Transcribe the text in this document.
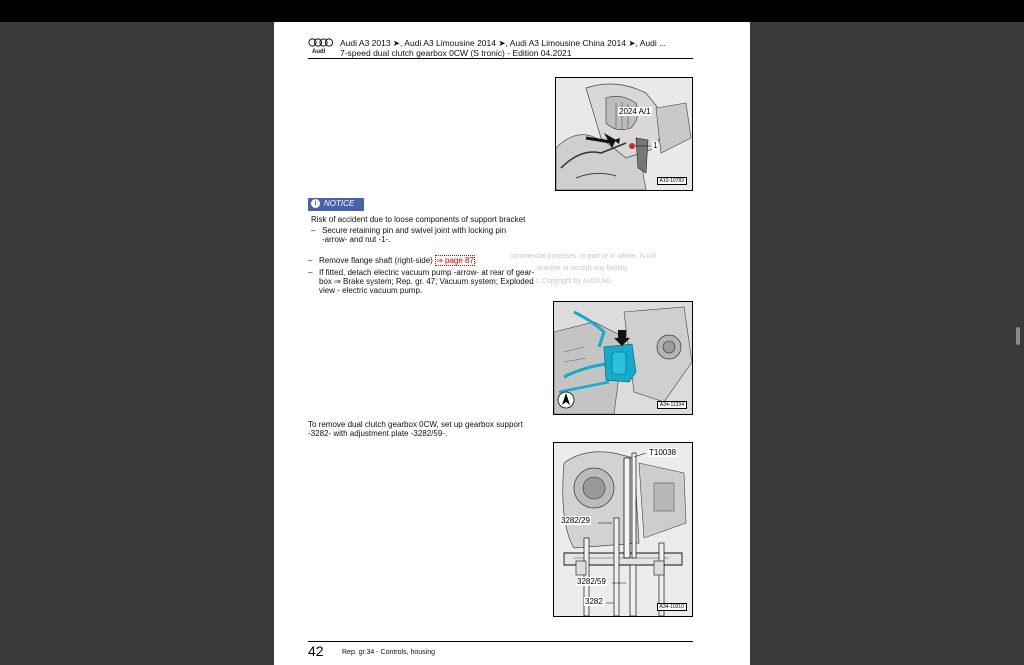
Audi
Audi A3 2013 ➤, Audi A3 Limousine 2014 ➤, Audi A3 Limousine China 2014 ➤, Audi ...
7-speed dual clutch gearbox 0CW (S tronic) - Edition 04.2021
2024 A/1
1
A10-10783
i NOTICE
Risk of accident due to loose components of support bracket
– Secure retaining pin and swivel joint with locking pin
-arrow- and nut -1-.
commercial purposes, in part or in whole, is not
arantee or accept any liability
t. Copyright by AUDI AG.
– Remove flange shaft (right-side) ⇒ page 87.
– If fitted, detach electric vacuum pump -arrow- at rear of gear-
box ⇒ Brake system; Rep. gr. 47; Vacuum system; Exploded
view - electric vacuum pump.
A34-11334
To remove dual clutch gearbox 0CW, set up gearbox support
-3282- with adjustment plate -3282/59-.
T10038
3282/29
3282/59
3282
A34-10310
42	Rep. gr.34 - Controls, housing
